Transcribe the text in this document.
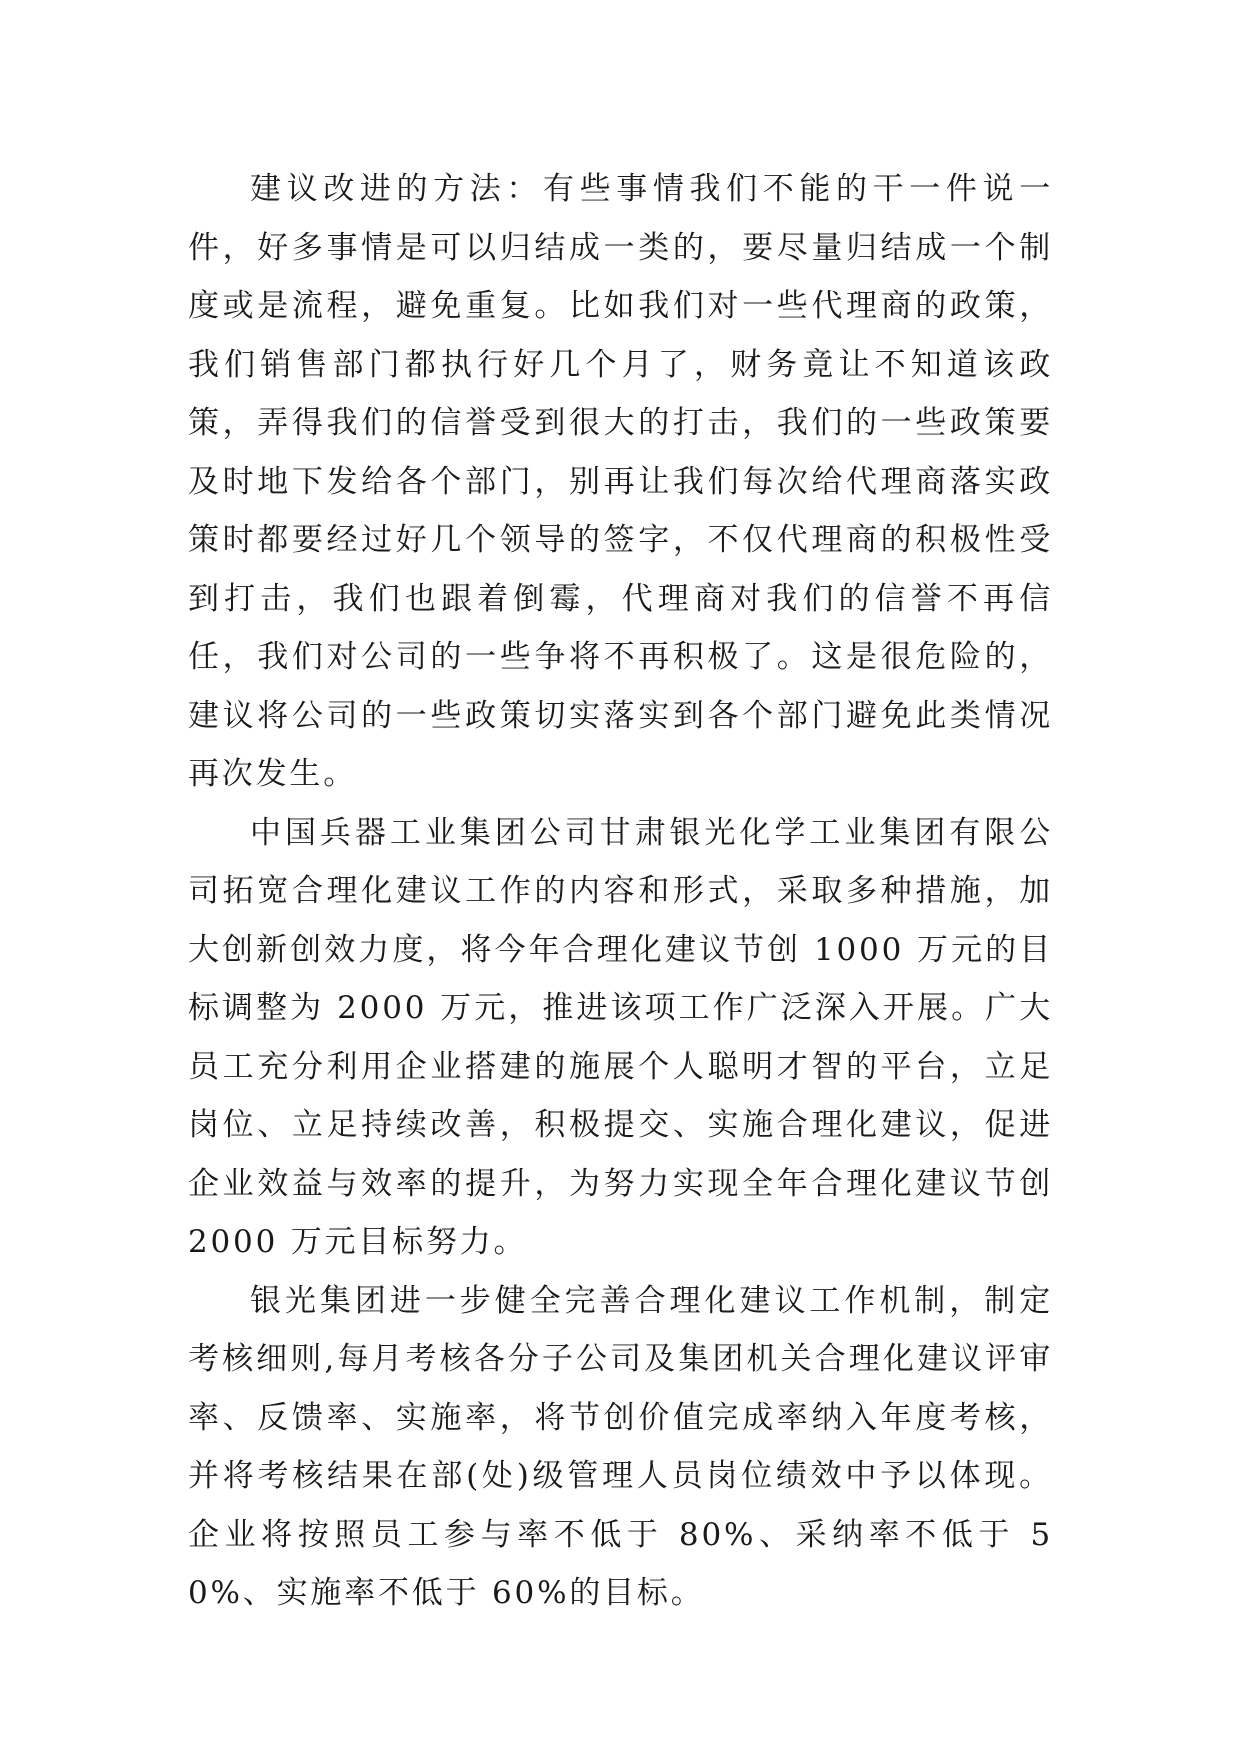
建议改进的方法：有些事情我们不能的干一件说一件，好多事情是可以归结成一类的，要尽量归结成一个制度或是流程，避免重复。比如我们对一些代理商的政策，我们销售部门都执行好几个月了，财务竟让不知道该政策，弄得我们的信誉受到很大的打击，我们的一些政策要及时地下发给各个部门，别再让我们每次给代理商落实政策时都要经过好几个领导的签字，不仅代理商的积极性受到打击，我们也跟着倒霉，代理商对我们的信誉不再信任，我们对公司的一些争将不再积极了。这是很危险的，建议将公司的一些政策切实落实到各个部门避免此类情况再次发生。

中国兵器工业集团公司甘肃银光化学工业集团有限公司拓宽合理化建议工作的内容和形式，采取多种措施，加大创新创效力度，将今年合理化建议节创 1000 万元的目标调整为 2000 万元，推进该项工作广泛深入开展。广大员工充分利用企业搭建的施展个人聪明才智的平台，立足岗位、立足持续改善，积极提交、实施合理化建议，促进企业效益与效率的提升，为努力实现全年合理化建议节创 2000 万元目标努力。

银光集团进一步健全完善合理化建议工作机制，制定考核细则,每月考核各分子公司及集团机关合理化建议评审率、反馈率、实施率，将节创价值完成率纳入年度考核，并将考核结果在部(处)级管理人员岗位绩效中予以体现。企业将按照员工参与率不低于 80%、采纳率不低于 50%、实施率不低于 60%的目标。
